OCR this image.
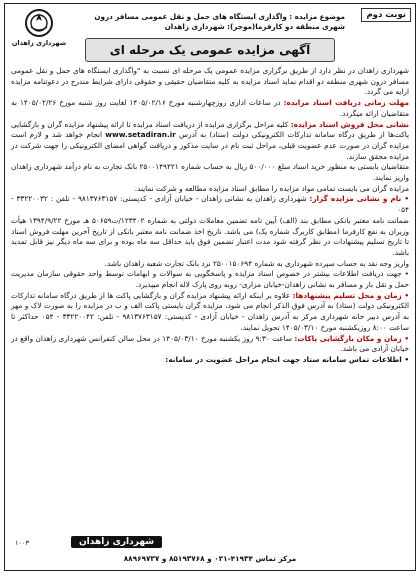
نوبت دوم
موضوع مزایده : واگذاری ایستگاه های حمل و نقل عمومی مسافر درون شهری منطقه دو کارفرما(موجر): شهرداری زاهدان
شهرداری زاهدان	آگهی مزایده عمومی یک مرحله ای

شهرداری زاهدان در نظر دارد از طریق برگزاری مزایده عمومی یک مرحله ای نسبت به "واگذاری ایستگاه های حمل و نقل عمومی مسافر درون شهری منطقه دو اقدام نماید اسناد مزایده به کلیه متقاضیان حقیقی و حقوقی دارای شرایط مندرج در دعوتنامه مزایده ارایه می گردد.

مهلت زمانی دریافت اسناد مزایده: در ساعات اداری روزچهارشنبه مورخ ۱۴۰۵/۰۲/۱۶ لغایت روز شنبه مورخ ۱۴۰۵/۰۲/۲۶ به متقاضیان ارائه میگردد.

نشانی محل فروش اسناد مزایده: کلیه مراحل برگزاری مزایده از دریافت اسناد مزایده تا ارائه پیشنهاد مزایده گران و بازگشایی پاکت‌ها از طریق درگاه سامانه تدارکات الکترونیکی دولت (ستاد) به آدرس www.setadiran.ir انجام خواهد شد و لازم است مزایده گران در صورت عدم عضویت قبلی، مراحل ثبت نام در سایت مذکور و دریافت گواهی امضای الکترونیکی را جهت شرکت در مزایده محقق سازند.

متقاضیان بایستی به منظور خرید اسناد مبلغ ۵۰۰/۰۰۰ ریال به حساب شماره ۲۵۰۰۱۴۹۴۲۱ بانک تجارت به نام درآمد شهرداری زاهدان واریز نمایند.

مزایده گران می بایست تمامی مواد مزایده را مطابق اسناد مزایده مطالعه و شرکت نمایند.

• نام و نشانی مزایده گزار: شهرداری زاهدان به نشانی زاهدان - خیابان آزادی - کدپستی: ۹۸۱۳۷۶۳۱۵۷ - تلفن : ۳۳۲۲۰۰۳۲ - ۰۵۴

ضمانت نامه معتبر بانکی مطابق بند (الف) آیین نامه تضمین معاملات دولتی به شماره ۱۲۳۴۰۲/ت۵۰۶۵۹ هـ مورخ ۱۳۹۴/۹/۲۲ هیأت وزیران به نفع کارفرما (مطابق کاربرگ شماره یک) می باشد. تاریخ اخذ ضمانت نامه معتبر بانکی از تاریخ آخرین مهلت فروش اسناد تا تاریخ تسلیم پیشنهادات در نظر گرفته شود مدت اعتبار تضمین فوق باید حداقل سه ماه بوده و برای سه ماه دیگر نیز قابل تمدید باشد.

واریز وجه نقد به حساب سپرده شهرداری به شماره ۲۵۰۰۱۵۰۶۹۴ نزد بانک تجارت شعبه زاهدان باشد.

• جهت دریافت اطلاعات بیشتر در خصوص اسناد مزایده و پاسخگویی به سوالات و ابهامات توسط واحد حقوقی سازمان مدیریت حمل و نقل بار و مسافر به نشانی زاهدان-خیابان مزاری- روبه روی پارک لاله انجام میپذیرد.

• زمان و محل تسلیم پیشنهادها: علاوه بر اینکه ارائه پیشنهاد مزایده گران و بازگشایی پاکت ها از طریق درگاه سامانه تدارکات الکترونیکی دولت (ستاد) به آدرس فوق الذکر انجام می شود، مزایده گران بایستی پاکت الف و ب در مزایده را به صورت لاک و مهر به آدرس دبیر خانه شهرداری مرکز به آدرس زاهدان - خیابان آزادی - کدپستی: ۹۸۱۳۷۶۳۱۵۷ - تلفن: ۳۳۲۲۰۰۴۲ - ۰۵۴ حداکثر تا ساعت ۸:۰۰ روزیکشنبه مورخ ۱۴۰۵/۰۳/۱۰ تحویل نمایند.

• زمان و مکان بازگشایی پاکات: ساعت ۹:۳۰ روز یکشنبه مورخ ۱۴۰۵/۰۳/۱۰ در محل سالن کنفرانس شهرداری زاهدان واقع در خیابان آزادی می باشد.

• اطلاعات تماس سامانه ستاد جهت انجام مراحل عضویت در سامانه:

شهرداری زاهدان
۱۰۰۳
مرکز تماس ۴۱۹۳۴-۰۲۱ و ۸۵۱۹۳۷۶۸ و ۸۸۹۶۹۷۳۷
